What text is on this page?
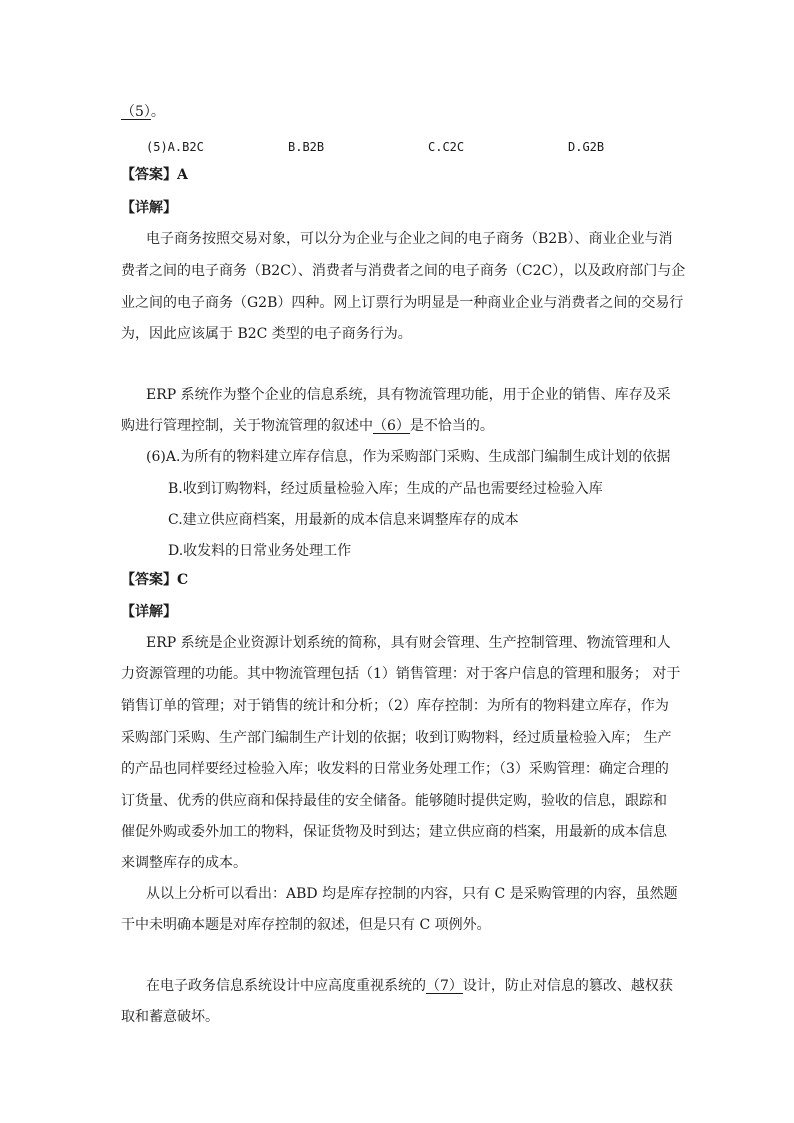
（5）。
(5)A.B2C	B.B2B	C.C2C	D.G2B
【答案】A
【详解】
电子商务按照交易对象，可以分为企业与企业之间的电子商务（B2B）、商业企业与消
费者之间的电子商务（B2C）、消费者与消费者之间的电子商务（C2C），以及政府部门与企
业之间的电子商务（G2B）四种。网上订票行为明显是一种商业企业与消费者之间的交易行
为，因此应该属于 B2C 类型的电子商务行为。
ERP 系统作为整个企业的信息系统，具有物流管理功能，用于企业的销售、库存及采
购进行管理控制，关于物流管理的叙述中（6）是不恰当的。
(6)A.为所有的物料建立库存信息，作为采购部门采购、生成部门编制生成计划的依据
B.收到订购物料，经过质量检验入库；生成的产品也需要经过检验入库
C.建立供应商档案，用最新的成本信息来调整库存的成本
D.收发料的日常业务处理工作
【答案】C
【详解】
ERP 系统是企业资源计划系统的简称，具有财会管理、生产控制管理、物流管理和人
力资源管理的功能。其中物流管理包括（1）销售管理：对于客户信息的管理和服务； 对于
销售订单的管理；对于销售的统计和分析；（2）库存控制：为所有的物料建立库存，作为
采购部门采购、生产部门编制生产计划的依据；收到订购物料，经过质量检验入库； 生产
的产品也同样要经过检验入库；收发料的日常业务处理工作；（3）采购管理：确定合理的
订货量、优秀的供应商和保持最佳的安全储备。能够随时提供定购，验收的信息，跟踪和
催促外购或委外加工的物料，保证货物及时到达；建立供应商的档案，用最新的成本信息
来调整库存的成本。
从以上分析可以看出：ABD 均是库存控制的内容，只有 C 是采购管理的内容，虽然题
干中未明确本题是对库存控制的叙述，但是只有 C 项例外。
在电子政务信息系统设计中应高度重视系统的（7）设计，防止对信息的篡改、越权获
取和蓄意破坏。
